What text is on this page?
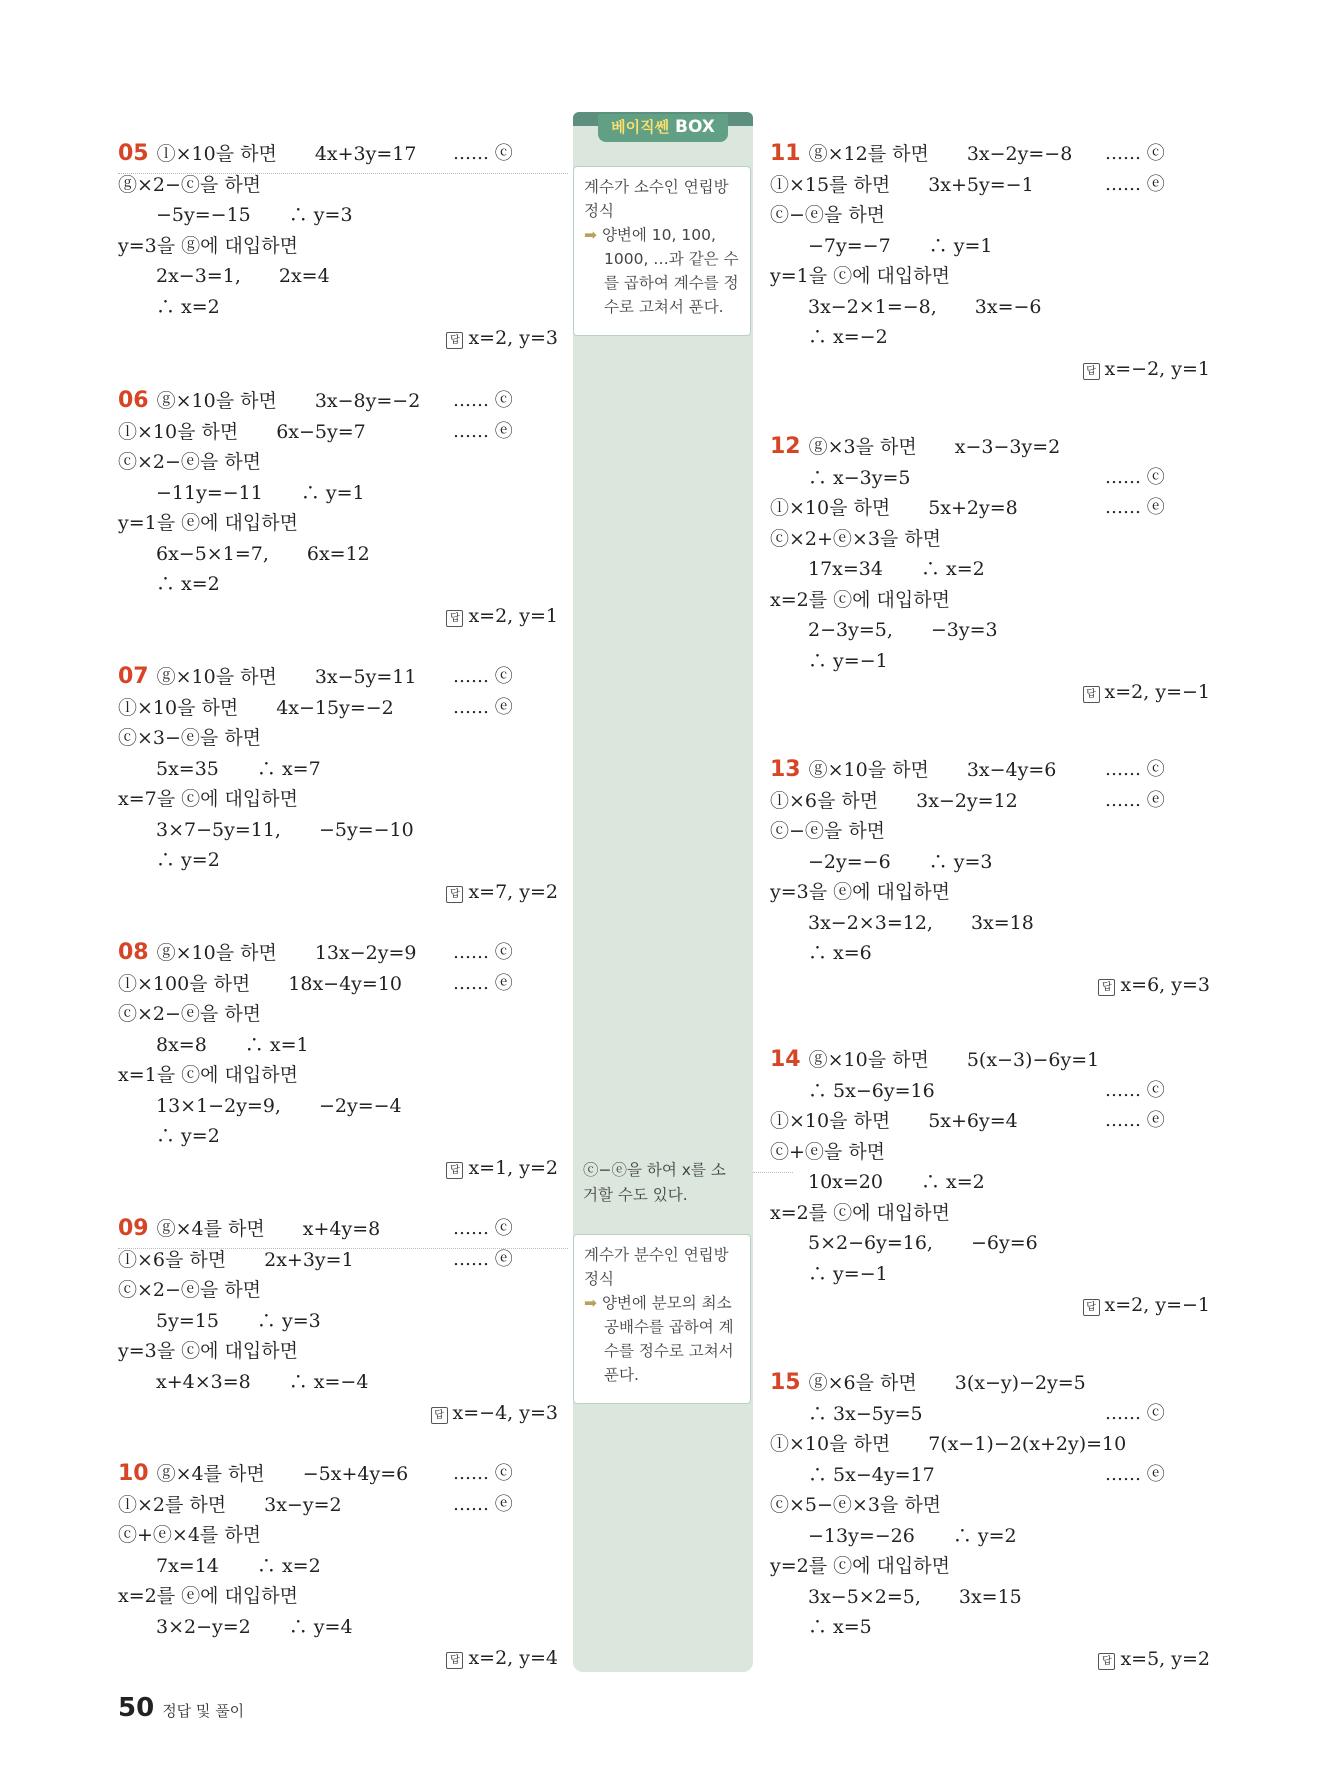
베이직쎈 BOX
계수가 소수인 연립방정식
➡ 양변에 10, 100,
1000, …과 같은 수
를 곱하여 계수를 정
수로 고쳐서 푼다.
ⓒ−ⓔ을 하여 x를 소
거할 수도 있다.
계수가 분수인 연립방정식
➡ 양변에 분모의 최소
공배수를 곱하여 계
수를 정수로 고쳐서
푼다.
05 ⓛ×10을 하면　　4x+3y=17 …… ⓒ
ⓖ×2−ⓒ을 하면
　　−5y=−15　　∴ y=3
y=3을 ⓖ에 대입하면
　　2x−3=1,　　2x=4
　　∴ x=2
답 x=2, y=3
06 ⓖ×10을 하면　　3x−8y=−2 …… ⓒ
ⓛ×10을 하면　　6x−5y=7	…… ⓔ
ⓒ×2−ⓔ을 하면
　　−11y=−11　　∴ y=1
y=1을 ⓔ에 대입하면
　　6x−5×1=7,　　6x=12
　　∴ x=2
답 x=2, y=1
07 ⓖ×10을 하면　　3x−5y=11 …… ⓒ
ⓛ×10을 하면　　4x−15y=−2	…… ⓔ
ⓒ×3−ⓔ을 하면
　　5x=35　　∴ x=7
x=7을 ⓒ에 대입하면
　　3×7−5y=11,　　−5y=−10
　　∴ y=2
답 x=7, y=2
08 ⓖ×10을 하면　　13x−2y=9 …… ⓒ
ⓛ×100을 하면　　18x−4y=10	…… ⓔ
ⓒ×2−ⓔ을 하면
　　8x=8　　∴ x=1
x=1을 ⓒ에 대입하면
　　13×1−2y=9,　　−2y=−4
　　∴ y=2
답 x=1, y=2
09 ⓖ×4를 하면　　x+4y=8	…… ⓒ
ⓛ×6을 하면　　2x+3y=1	…… ⓔ
ⓒ×2−ⓔ을 하면
　　5y=15　　∴ y=3
y=3을 ⓒ에 대입하면
　　x+4×3=8　　∴ x=−4
답 x=−4, y=3
10 ⓖ×4를 하면　　−5x+4y=6 …… ⓒ
ⓛ×2를 하면　　3x−y=2	…… ⓔ
ⓒ+ⓔ×4를 하면
　　7x=14　　∴ x=2
x=2를 ⓔ에 대입하면
　　3×2−y=2　　∴ y=4
답 x=2, y=4
11 ⓖ×12를 하면　　3x−2y=−8 …… ⓒ
ⓛ×15를 하면　　3x+5y=−1	…… ⓔ
ⓒ−ⓔ을 하면
　　−7y=−7　　∴ y=1
y=1을 ⓒ에 대입하면
　　3x−2×1=−8,　　3x=−6
　　∴ x=−2
답 x=−2, y=1
12 ⓖ×3을 하면　　x−3−3y=2
　　∴ x−3y=5	…… ⓒ
ⓛ×10을 하면　　5x+2y=8	…… ⓔ
ⓒ×2+ⓔ×3을 하면
　　17x=34　　∴ x=2
x=2를 ⓒ에 대입하면
　　2−3y=5,　　−3y=3
　　∴ y=−1
답 x=2, y=−1
13 ⓖ×10을 하면　　3x−4y=6	…… ⓒ
ⓛ×6을 하면　　3x−2y=12	…… ⓔ
ⓒ−ⓔ을 하면
　　−2y=−6　　∴ y=3
y=3을 ⓔ에 대입하면
　　3x−2×3=12,　　3x=18
　　∴ x=6
답 x=6, y=3
14 ⓖ×10을 하면　　5(x−3)−6y=1
　　∴ 5x−6y=16	…… ⓒ
ⓛ×10을 하면　　5x+6y=4	…… ⓔ
ⓒ+ⓔ을 하면
　　10x=20　　∴ x=2
x=2를 ⓒ에 대입하면
　　5×2−6y=16,　　−6y=6
　　∴ y=−1
답 x=2, y=−1
15 ⓖ×6을 하면　　3(x−y)−2y=5
　　∴ 3x−5y=5	…… ⓒ
ⓛ×10을 하면　　7(x−1)−2(x+2y)=10
　　∴ 5x−4y=17	…… ⓔ
ⓒ×5−ⓔ×3을 하면
　　−13y=−26　　∴ y=2
y=2를 ⓒ에 대입하면
　　3x−5×2=5,　　3x=15
　　∴ x=5
답 x=5, y=2
50 정답 및 풀이
